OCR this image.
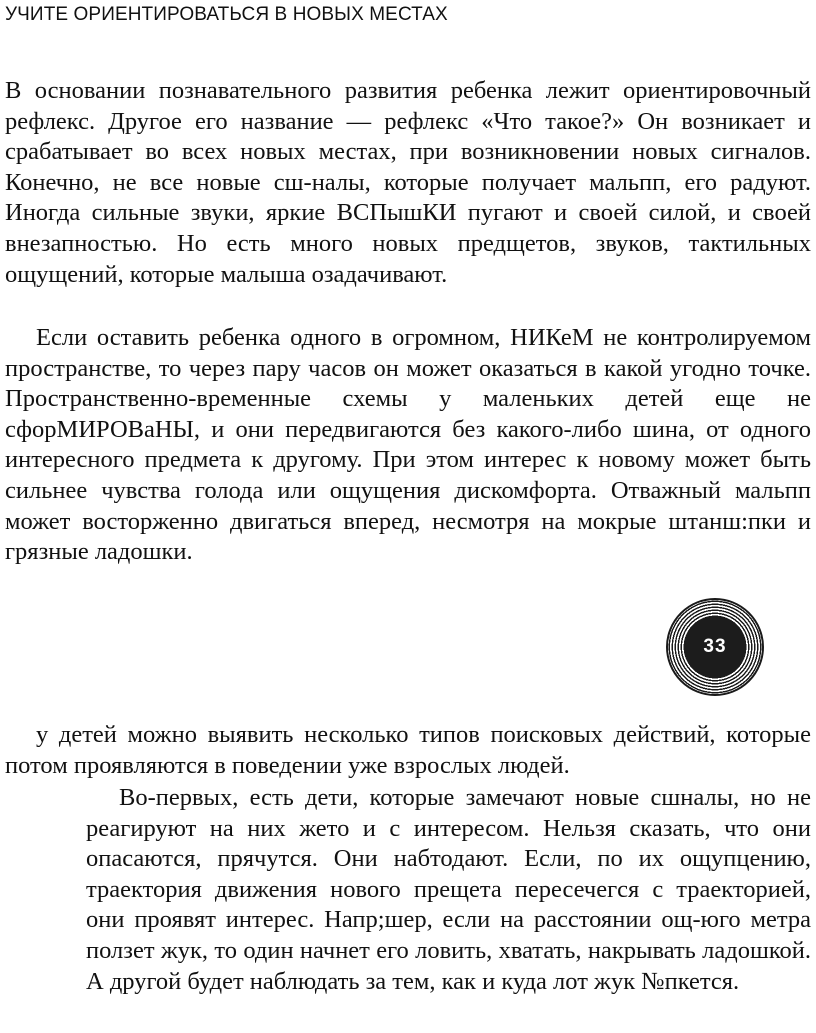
УЧИТЕ ОРИЕНТИРОВАТЬСЯ В НОВЫХ МЕСТАХ

В основании познавательного развития ребенка лежит ориентировочный рефлекс. Другое его название — рефлекс «Что такое?» Он возникает и срабатывает во всех новых местах, при возникновении новых сигналов. Конечно, не все новые сш-налы, которые получает мальпп, его радуют. Иногда сильные звуки, яркие ВСПышКИ пугают и своей силой, и своей внезапностью. Но есть много новых предщетов, звуков, тактильных ощущений, которые малыша озадачивают.

Если оставить ребенка одного в огромном, НИКеМ не контролируемом пространстве, то через пару часов он может оказаться в какой угодно точке. Пространственно-временные схемы у маленьких детей еще не сфорМИРОВаНЫ, и они передвигаются без какого-либо шина, от одного интересного предмета к другому. При этом интерес к новому может быть сильнее чувства голода или ощущения дискомфорта. Отважный мальпп может восторженно двигаться вперед, несмотря на мокрые штанш:пки и грязные ладошки.

33

у детей можно выявить несколько типов поисковых действий, которые потом проявляются в поведении уже взрослых людей.

Во-первых, есть дети, которые замечают новые сшналы, но не реагируют на них жето и с интересом. Нельзя сказать, что они опасаются, прячутся. Они набтодают. Если, по их ощупцению, траектория движения нового прещета пересечегся с траекторией, они проявят интерес. Напр;шер, если на расстоянии ощ-юго метра ползет жук, то один начнет его ловить, хватать, накрывать ладошкой. А другой будет наблюдать за тем, как и куда лот жук №пкется.
